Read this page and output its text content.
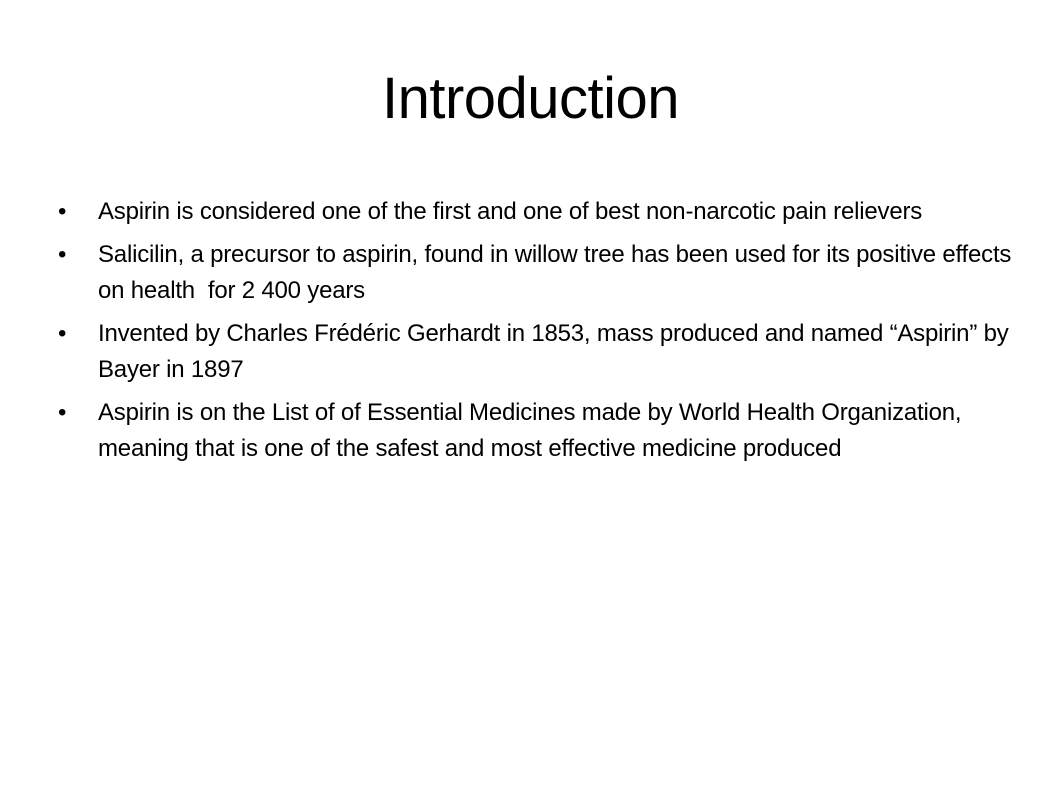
Introduction
•	Aspirin is considered one of the first and one of best non-narcotic pain relievers
•	Salicilin, a precursor to aspirin, found in willow tree has been used for its positive effects on health  for 2 400 years
•	Invented by Charles Frédéric Gerhardt in 1853, mass produced and named “Aspirin” by Bayer in 1897
•	Aspirin is on the List of of Essential Medicines made by World Health Organization, meaning that is one of the safest and most effective medicine produced
